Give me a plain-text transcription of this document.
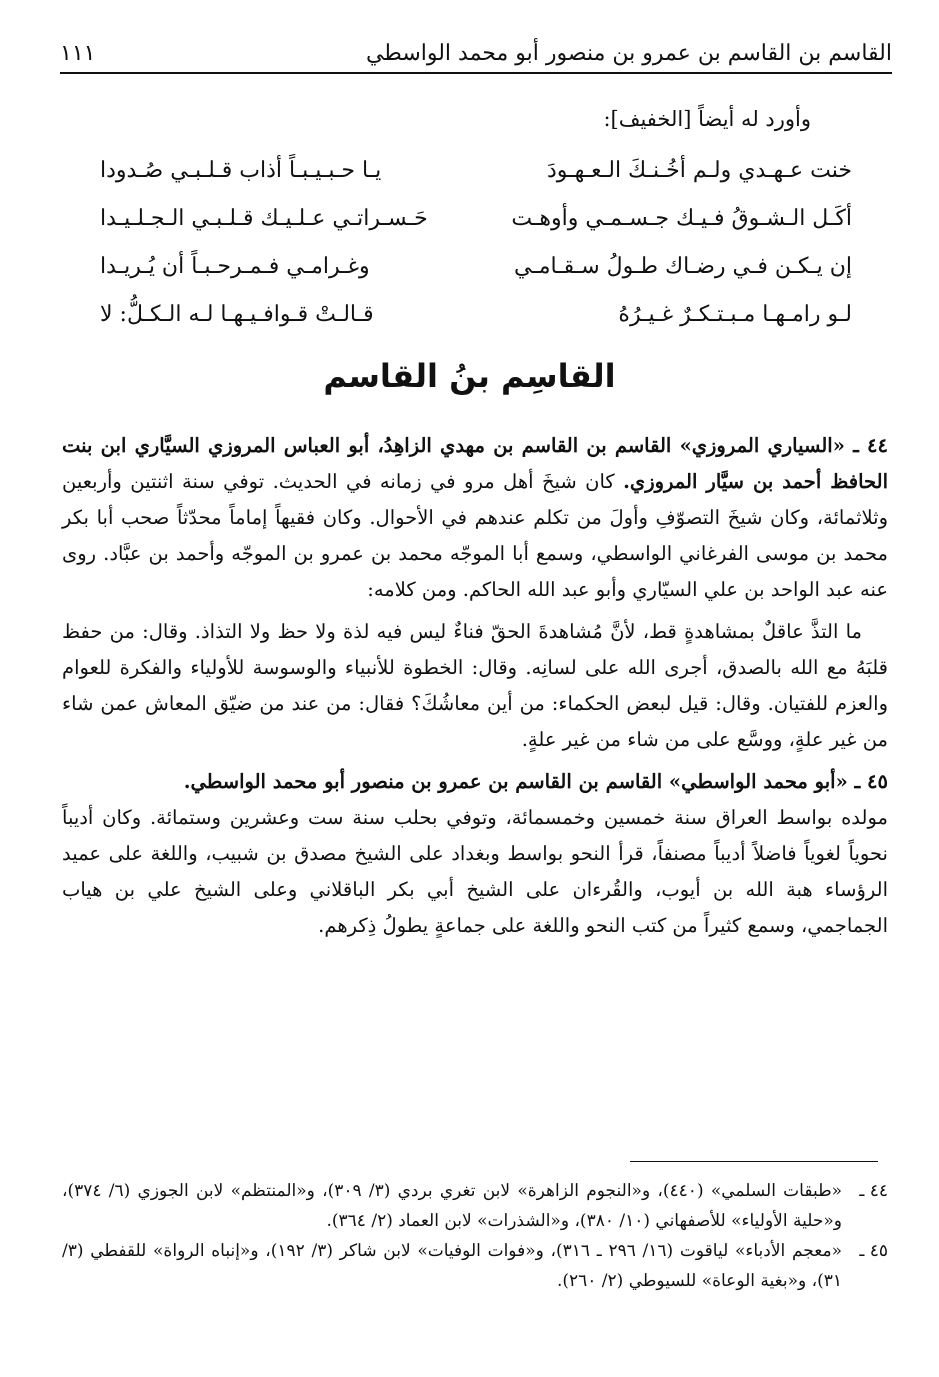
١١١	القاسم بن القاسم بن عمرو بن منصور أبو محمد الواسطي
وأورد له أيضاً [الخفيف]:
خنت عـهـدي ولـم أخُـنـكَ الـعـهـودَ
يـا حـبـيـبـاً أذاب قـلـبـي صُـدودا
أكَـل الـشـوقُ فـيـك جـسـمـي وأوهـت
حَـسـراتـي عـلـيـك قـلـبـي الـجـلـيـدا
إن يـكـن فـي رضـاك طـولُ سـقـامـي
وغـرامـي فـمـرحـبـاً أن يُـريـدا
لـو رامـهـا مـبـتـكـرٌ غـيـرُهُ
قـالـتْ قـوافـيـهـا لـه الـكـلُّ: لا
القاسِم بنُ القاسم

٤٤ ـ «السياري المروزي» القاسم بن القاسم بن مهدي الزاهِدُ، أبو العباس المروزي السيَّاري ابن بنت الحافظ أحمد بن سيَّار المروزي. كان شيخَ أهل مرو في زمانه في الحديث. توفي سنة اثنتين وأربعين وثلاثمائة، وكان شيخَ التصوّفِ وأولَ من تكلم عندهم في الأحوال. وكان فقيهاً إماماً محدّثاً صحب أبا بكر محمد بن موسى الفرغاني الواسطي، وسمع أبا الموجّه محمد بن عمرو بن الموجّه وأحمد بن عبَّاد. روى عنه عبد الواحد بن علي السيّاري وأبو عبد الله الحاكم. ومن كلامه:

ما التذَّ عاقلٌ بمشاهدةٍ قط، لأنَّ مُشاهدةَ الحقّ فناءٌ ليس فيه لذة ولا حظ ولا التذاذ. وقال: من حفظ قلبَهُ مع الله بالصدق، أجرى الله على لسانِه. وقال: الخطوة للأنبياء والوسوسة للأولياء والفكرة للعوام والعزم للفتيان. وقال: قيل لبعض الحكماء: من أين معاشُكَ؟ فقال: من عند من ضيّق المعاش عمن شاء من غير علةٍ، ووسَّع على من شاء من غير علةٍ.

٤٥ ـ «أبو محمد الواسطي» القاسم بن القاسم بن عمرو بن منصور أبو محمد الواسطي.

مولده بواسط العراق سنة خمسين وخمسمائة، وتوفي بحلب سنة ست وعشرين وستمائة. وكان أديباً نحوياً لغوياً فاضلاً أديباً مصنفاً، قرأ النحو بواسط وبغداد على الشيخ مصدق بن شبيب، واللغة على عميد الرؤساء هبة الله بن أيوب، والقُرءان على الشيخ أبي بكر الباقلاني وعلى الشيخ علي بن هياب الجماجمي، وسمع كثيراً من كتب النحو واللغة على جماعةٍ يطولُ ذِكرهم.

٤٤ ـ
«طبقات السلمي» (٤٤٠)، و«النجوم الزاهرة» لابن تغري بردي (٣/ ٣٠٩)، و«المنتظم» لابن الجوزي (٦/ ٣٧٤)، و«حلية الأولياء» للأصفهاني (١٠/ ٣٨٠)، و«الشذرات» لابن العماد (٢/ ٣٦٤).
٤٥ ـ
«معجم الأدباء» لياقوت (١٦/ ٢٩٦ ـ ٣١٦)، و«فوات الوفيات» لابن شاكر (٣/ ١٩٢)، و«إنباه الرواة» للقفطي (٣/ ٣١)، و«بغية الوعاة» للسيوطي (٢/ ٢٦٠).
